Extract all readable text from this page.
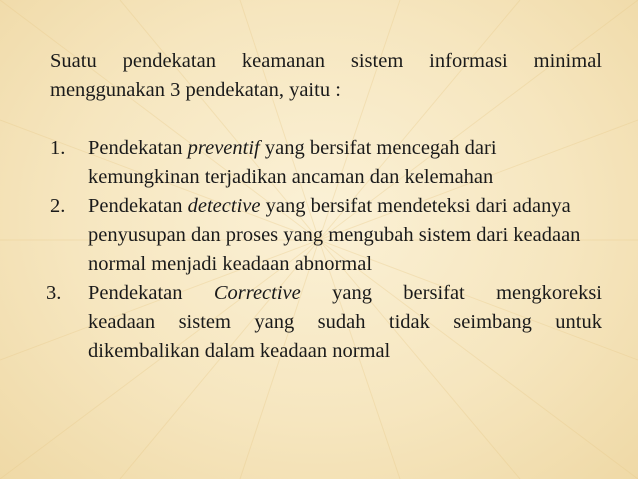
Suatu pendekatan keamanan sistem informasi minimal
menggunakan 3 pendekatan, yaitu :

1. Pendekatan preventif yang bersifat mencegah dari kemungkinan terjadikan ancaman dan kelemahan

2. Pendekatan detective yang bersifat mendeteksi dari adanya penyusupan dan proses yang mengubah sistem dari keadaan normal menjadi keadaan abnormal

3. Pendekatan Corrective yang bersifat mengkoreksi
keadaan sistem yang sudah tidak seimbang untuk
dikembalikan dalam keadaan normal
